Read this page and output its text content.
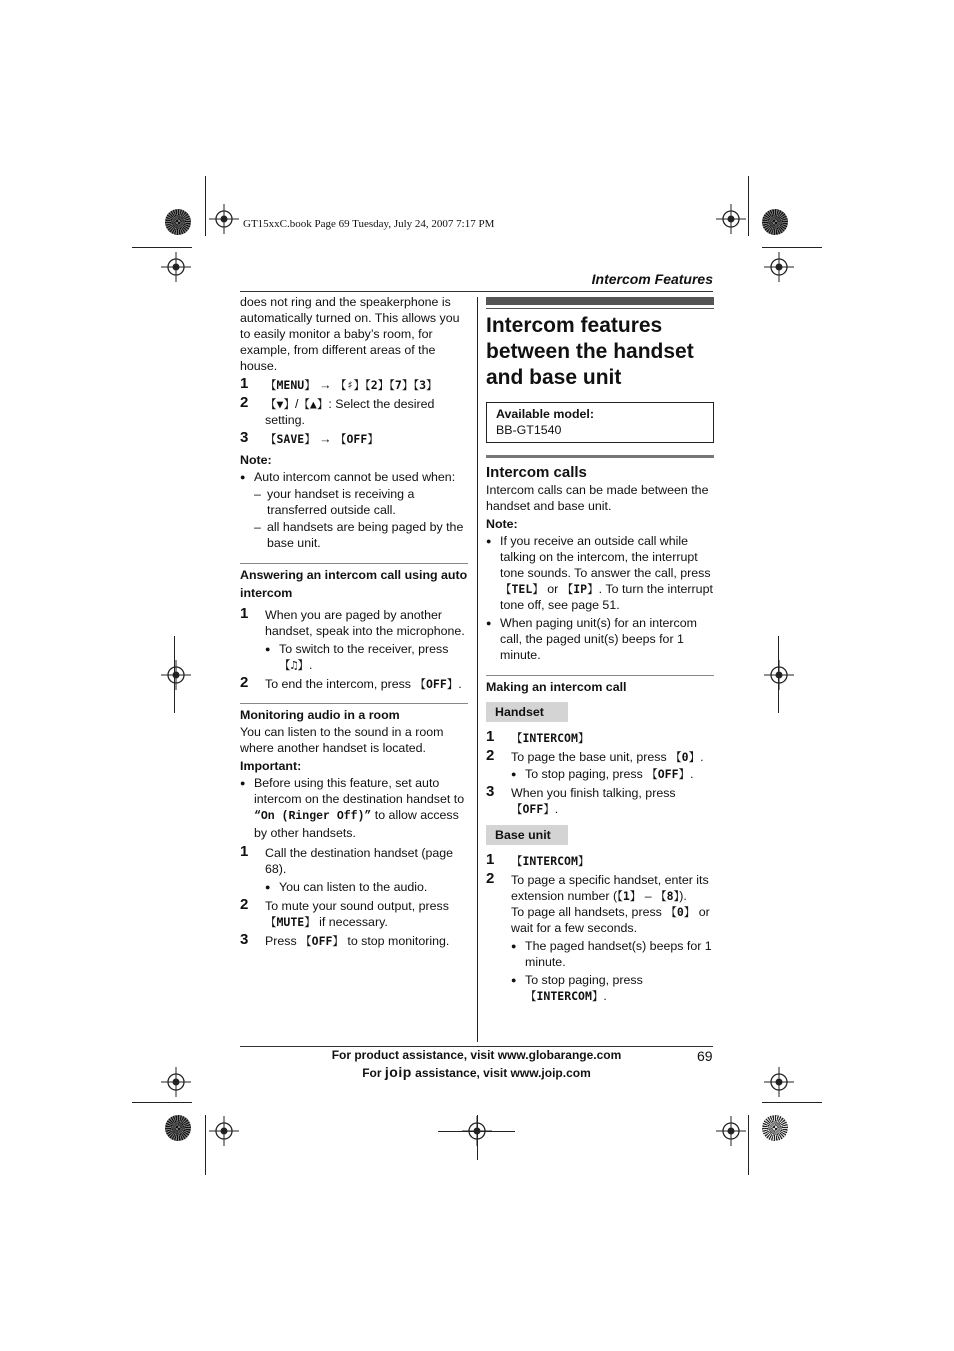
GT15xxC.book Page 69 Tuesday, July 24, 2007 7:17 PM
Intercom Features

does not ring and the speakerphone is automatically turned on. This allows you to easily monitor a baby’s room, for example, from different areas of the house.

1 【 MENU 】 → 【 ♯ 】 【 2 】 【 7 】 【 3 】
2 【 ▼ 】 / 【 ▲ 】 : Select the desired setting.
3 【 SAVE 】 → 【 OFF 】

Note:

● Auto intercom cannot be used when:
– your handset is receiving a transferred outside call.
– all handsets are being paged by the base unit.

Answering an intercom call using auto intercom

1 When you are paged by another handset, speak into the microphone.
● To switch to the receiver, press 【 ♫ 】 .
2 To end the intercom, press 【 OFF 】 .

Monitoring audio in a room

You can listen to the sound in a room where another handset is located.

Important:

● Before using this feature, set auto intercom on the destination handset to “On (Ringer Off)” to allow access by other handsets.
1 Call the destination handset (page 68).
● You can listen to the audio.
2 To mute your sound output, press 【 MUTE 】 if necessary.
3 Press 【 OFF 】 to stop monitoring.
Intercom features between the handset and base unit
Available model:
BB-GT1540
Intercom calls

Intercom calls can be made between the handset and base unit.

Note:

● If you receive an outside call while talking on the intercom, the interrupt tone sounds. To answer the call, press 【 TEL 】 or 【 IP 】 . To turn the interrupt tone off, see page 51.
● When paging unit(s) for an intercom call, the paged unit(s) beeps for 1 minute.

Making an intercom call

Handset
1 【 INTERCOM 】
2 To page the base unit, press 【 0 】 .
● To stop paging, press 【 OFF 】 .
3 When you finish talking, press 【 OFF 】 .
Base unit
1 【 INTERCOM 】
2 To page a specific handset, enter its extension number ( 【 1 】 – 【 8 】 ).
To page all handsets, press 【 0 】 or wait for a few seconds.
● The paged handset(s) beeps for 1 minute.
● To stop paging, press 【 INTERCOM 】 .
For product assistance, visit www.globarange.com
For joip assistance, visit www.joip.com
69
